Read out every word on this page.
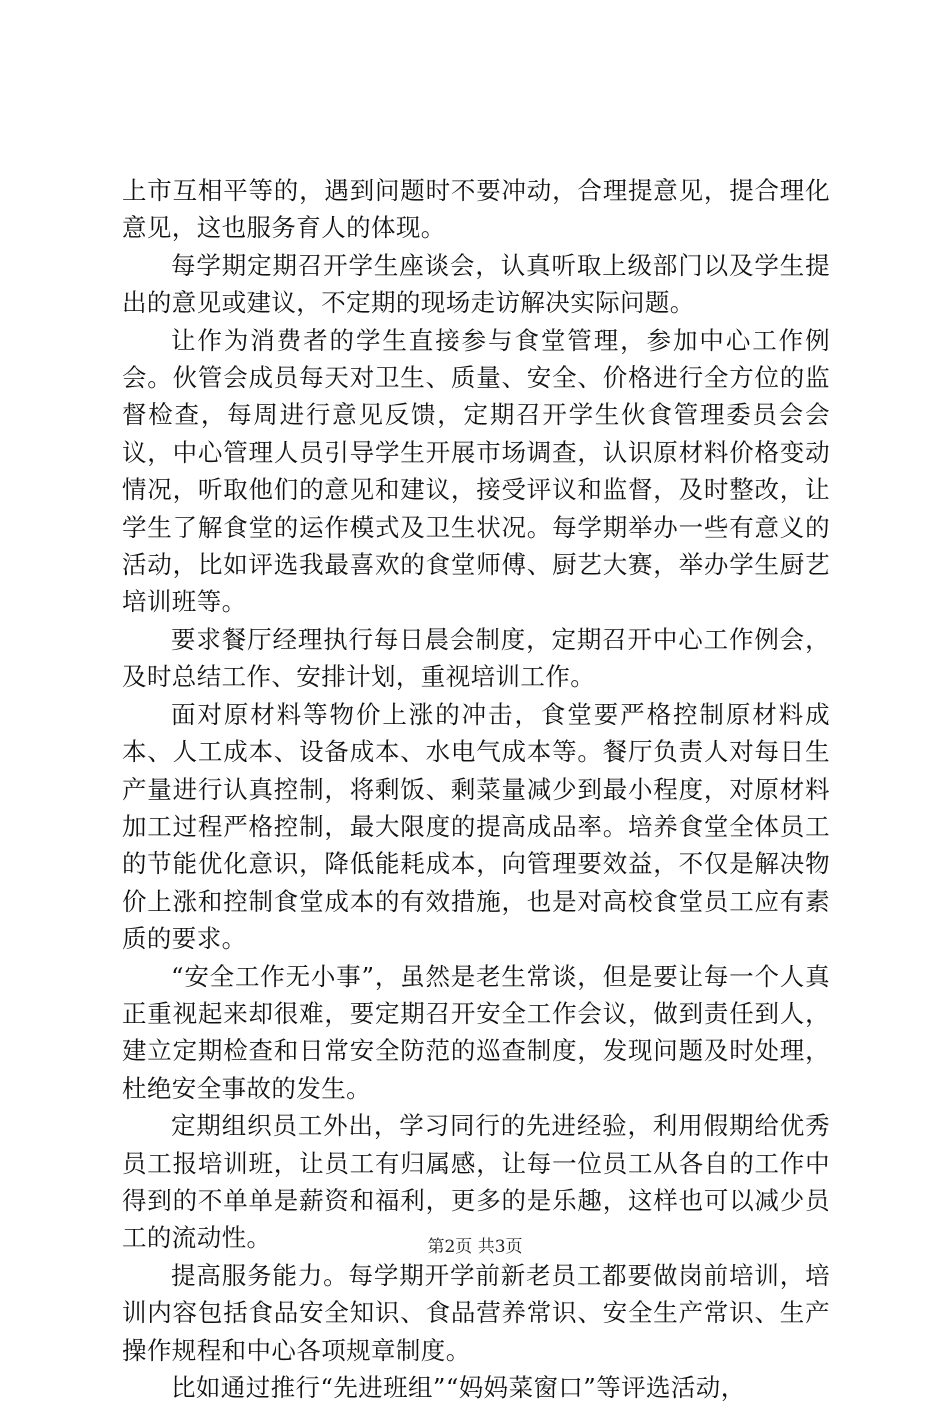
上市互相平等的，遇到问题时不要冲动，合理提意见，提合理化意见，这也服务育人的体现。

每学期定期召开学生座谈会，认真听取上级部门以及学生提出的意见或建议，不定期的现场走访解决实际问题。

让作为消费者的学生直接参与食堂管理，参加中心工作例会。伙管会成员每天对卫生、质量、安全、价格进行全方位的监督检查，每周进行意见反馈，定期召开学生伙食管理委员会会议，中心管理人员引导学生开展市场调查，认识原材料价格变动情况，听取他们的意见和建议，接受评议和监督，及时整改，让学生了解食堂的运作模式及卫生状况。每学期举办一些有意义的活动，比如评选我最喜欢的食堂师傅、厨艺大赛，举办学生厨艺培训班等。

要求餐厅经理执行每日晨会制度，定期召开中心工作例会，及时总结工作、安排计划，重视培训工作。

面对原材料等物价上涨的冲击，食堂要严格控制原材料成本、人工成本、设备成本、水电气成本等。餐厅负责人对每日生产量进行认真控制，将剩饭、剩菜量减少到最小程度，对原材料加工过程严格控制，最大限度的提高成品率。培养食堂全体员工的节能优化意识，降低能耗成本，向管理要效益，不仅是解决物价上涨和控制食堂成本的有效措施，也是对高校食堂员工应有素质的要求。

“安全工作无小事”，虽然是老生常谈，但是要让每一个人真正重视起来却很难，要定期召开安全工作会议，做到责任到人，建立定期检查和日常安全防范的巡查制度，发现问题及时处理，杜绝安全事故的发生。

定期组织员工外出，学习同行的先进经验，利用假期给优秀员工报培训班，让员工有归属感，让每一位员工从各自的工作中得到的不单单是薪资和福利，更多的是乐趣，这样也可以减少员工的流动性。

提高服务能力。每学期开学前新老员工都要做岗前培训，培训内容包括食品安全知识、食品营养常识、安全生产常识、生产操作规程和中心各项规章制度。

比如通过推行“先进班组”“妈妈菜窗口”等评选活动，

第2页 共3页
